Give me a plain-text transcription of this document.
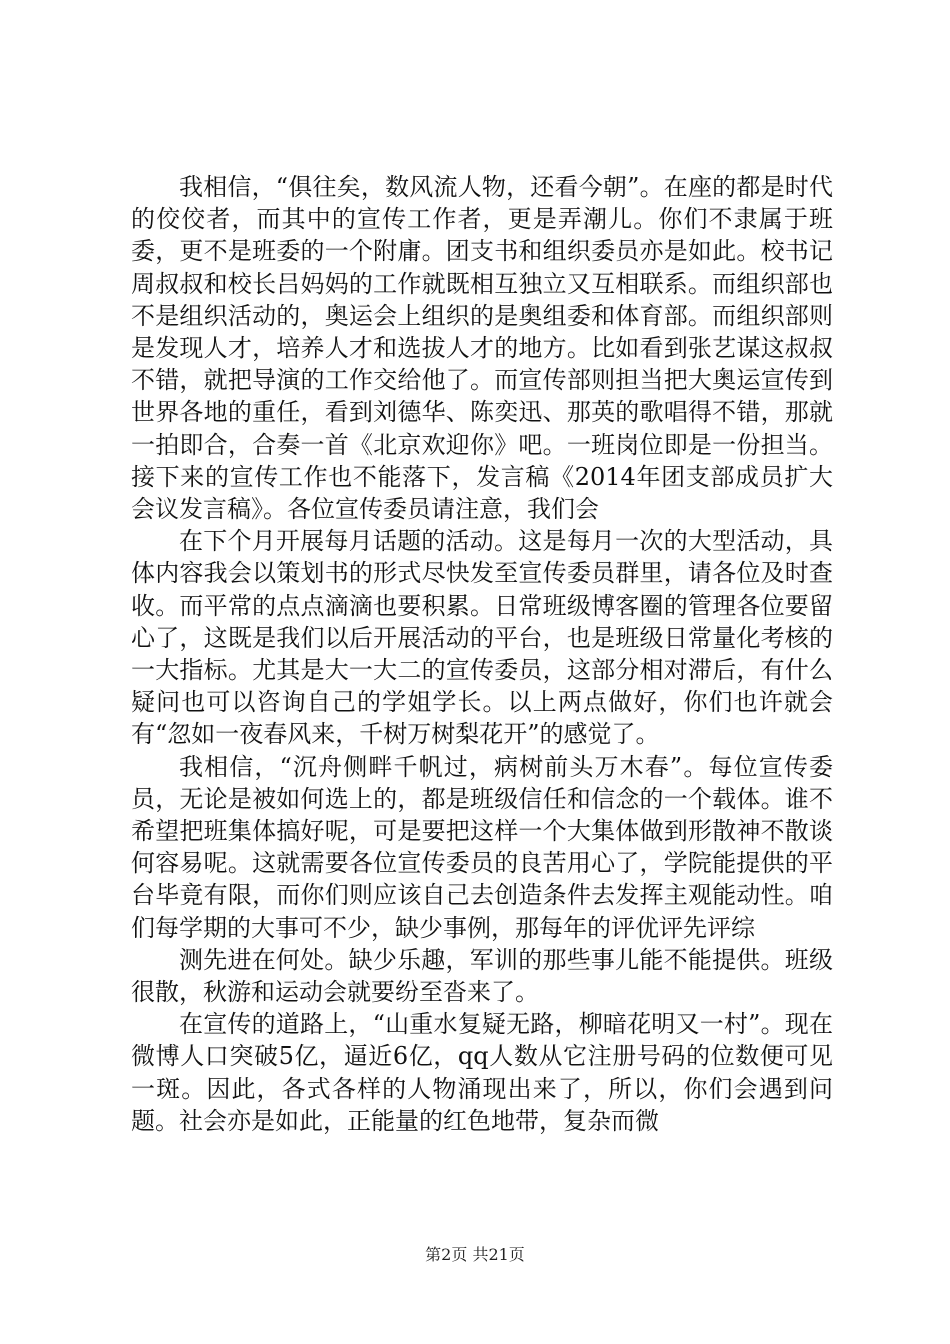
我相信，“俱往矣，数风流人物，还看今朝”。在座的都是时代的佼佼者，而其中的宣传工作者，更是弄潮儿。你们不隶属于班委，更不是班委的一个附庸。团支书和组织委员亦是如此。校书记周叔叔和校长吕妈妈的工作就既相互独立又互相联系。而组织部也不是组织活动的，奥运会上组织的是奥组委和体育部。而组织部则是发现人才，培养人才和选拔人才的地方。比如看到张艺谋这叔叔不错，就把导演的工作交给他了。而宣传部则担当把大奥运宣传到世界各地的重任，看到刘德华、陈奕迅、那英的歌唱得不错，那就一拍即合，合奏一首《北京欢迎你》吧。一班岗位即是一份担当。接下来的宣传工作也不能落下，发言稿《2014年团支部成员扩大会议发言稿》。各位宣传委员请注意，我们会

在下个月开展每月话题的活动。这是每月一次的大型活动，具体内容我会以策划书的形式尽快发至宣传委员群里，请各位及时查收。而平常的点点滴滴也要积累。日常班级博客圈的管理各位要留心了，这既是我们以后开展活动的平台，也是班级日常量化考核的一大指标。尤其是大一大二的宣传委员，这部分相对滞后，有什么疑问也可以咨询自己的学姐学长。以上两点做好，你们也许就会有“忽如一夜春风来，千树万树梨花开”的感觉了。

我相信，“沉舟侧畔千帆过，病树前头万木春”。每位宣传委员，无论是被如何选上的，都是班级信任和信念的一个载体。谁不希望把班集体搞好呢，可是要把这样一个大集体做到形散神不散谈何容易呢。这就需要各位宣传委员的良苦用心了，学院能提供的平台毕竟有限，而你们则应该自己去创造条件去发挥主观能动性。咱们每学期的大事可不少，缺少事例，那每年的评优评先评综

测先进在何处。缺少乐趣，军训的那些事儿能不能提供。班级很散，秋游和运动会就要纷至沓来了。

在宣传的道路上，“山重水复疑无路，柳暗花明又一村”。现在微博人口突破5亿，逼近6亿，qq人数从它注册号码的位数便可见一斑。因此，各式各样的人物涌现出来了，所以，你们会遇到问题。社会亦是如此，正能量的红色地带，复杂而微

第2页 共21页
